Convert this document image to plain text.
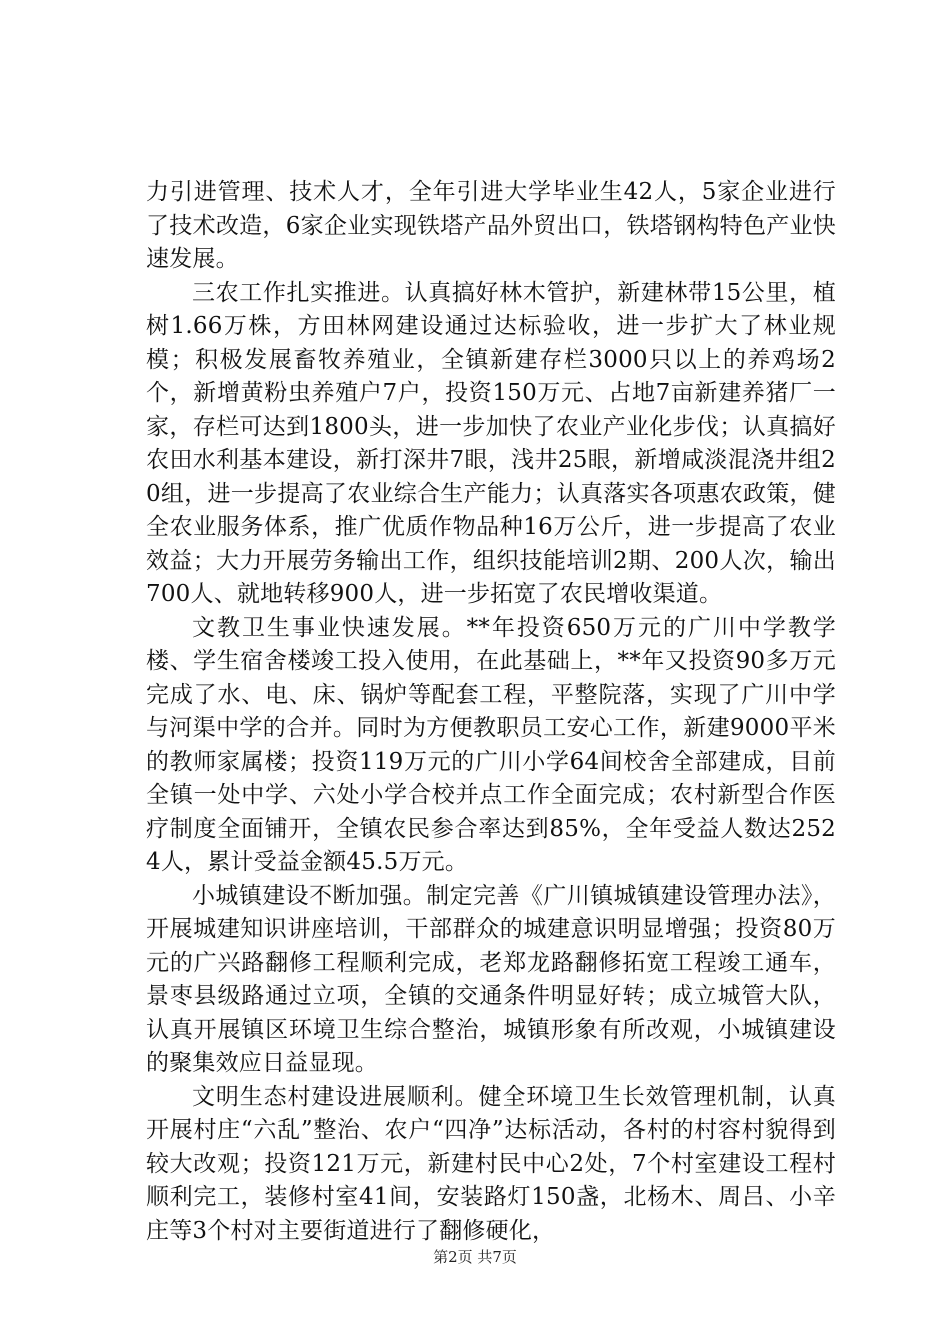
力引进管理、技术人才，全年引进大学毕业生42人，5家企业进行了技术改造，6家企业实现铁塔产品外贸出口，铁塔钢构特色产业快速发展。

三农工作扎实推进。认真搞好林木管护，新建林带15公里，植树1.66万株，方田林网建设通过达标验收，进一步扩大了林业规模；积极发展畜牧养殖业，全镇新建存栏3000只以上的养鸡场2个，新增黄粉虫养殖户7户，投资150万元、占地7亩新建养猪厂一家，存栏可达到1800头，进一步加快了农业产业化步伐；认真搞好农田水利基本建设，新打深井7眼，浅井25眼，新增咸淡混浇井组20组，进一步提高了农业综合生产能力；认真落实各项惠农政策，健全农业服务体系，推广优质作物品种16万公斤，进一步提高了农业效益；大力开展劳务输出工作，组织技能培训2期、200人次，输出700人、就地转移900人，进一步拓宽了农民增收渠道。

文教卫生事业快速发展。**年投资650万元的广川中学教学楼、学生宿舍楼竣工投入使用，在此基础上，**年又投资90多万元完成了水、电、床、锅炉等配套工程，平整院落，实现了广川中学与河渠中学的合并。同时为方便教职员工安心工作，新建9000平米的教师家属楼；投资119万元的广川小学64间校舍全部建成，目前全镇一处中学、六处小学合校并点工作全面完成；农村新型合作医疗制度全面铺开，全镇农民参合率达到85%，全年受益人数达2524人，累计受益金额45.5万元。

小城镇建设不断加强。制定完善《广川镇城镇建设管理办法》，开展城建知识讲座培训，干部群众的城建意识明显增强；投资80万元的广兴路翻修工程顺利完成，老郑龙路翻修拓宽工程竣工通车，景枣县级路通过立项，全镇的交通条件明显好转；成立城管大队，认真开展镇区环境卫生综合整治，城镇形象有所改观，小城镇建设的聚集效应日益显现。

文明生态村建设进展顺利。健全环境卫生长效管理机制，认真开展村庄“六乱”整治、农户“四净”达标活动，各村的村容村貌得到较大改观；投资121万元，新建村民中心2处，7个村室建设工程村顺利完工，装修村室41间，安装路灯150盏，北杨木、周吕、小辛庄等3个村对主要街道进行了翻修硬化，

第2页 共7页
